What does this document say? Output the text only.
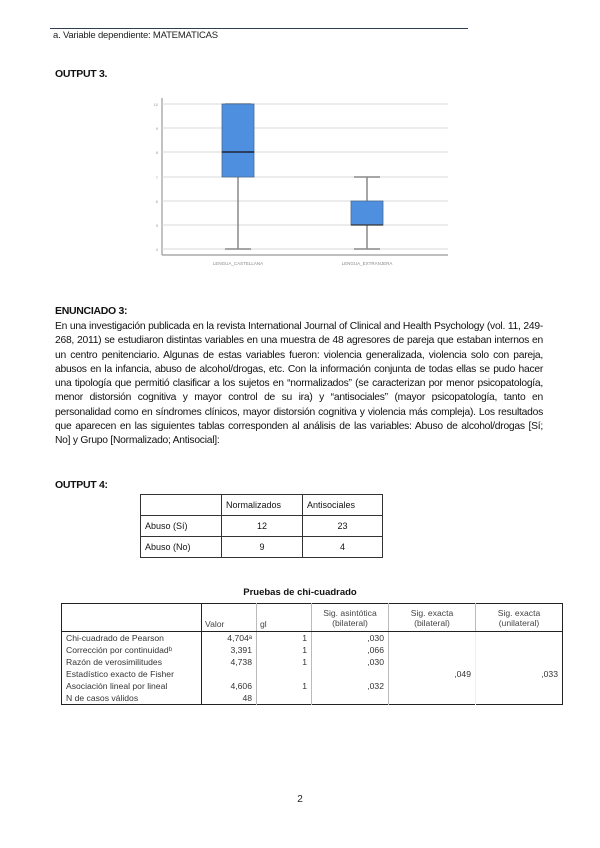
a. Variable dependiente: MATEMATICAS
OUTPUT 3.
10
9
8
7
6
5
4
LENGUA_CASTELLANA	LENGUA_EXTRANJERA
ENUNCIADO 3:
En una investigación publicada en la revista International Journal of Clinical and Health Psychology (vol. 11, 249-268, 2011) se estudiaron distintas variables en una muestra de 48 agresores de pareja que estaban internos en un centro penitenciario. Algunas de estas variables fueron: violencia generalizada, violencia solo con pareja, abusos en la infancia, abuso de alcohol/drogas, etc. Con la información conjunta de todas ellas se pudo hacer una tipología que permitió clasificar a los sujetos en “normalizados” (se caracterizan por menor psicopatología, menor distorsión cognitiva y mayor control de su ira) y “antisociales” (mayor psicopatología, tanto en personalidad como en síndromes clínicos, mayor distorsión cognitiva y violencia más compleja). Los resultados que aparecen en las siguientes tablas corresponden al análisis de las variables: Abuso de alcohol/drogas [Sí; No] y Grupo [Normalizado; Antisocial]:
OUTPUT 4:
	Normalizados	Antisociales
Abuso (Sí)	12	23
Abuso (No)	9	4
Pruebas de chi-cuadrado
	Valor	gl	Sig. asintótica (bilateral)	Sig. exacta (bilateral)	Sig. exacta (unilateral)
Chi-cuadrado de Pearson	4,704ᵃ	1	,030		
Corrección por continuidadᵇ	3,391	1	,066		
Razón de verosimilitudes	4,738	1	,030		
Estadístico exacto de Fisher				,049	,033
Asociación lineal por lineal	4,606	1	,032		
N de casos válidos	48				
2
